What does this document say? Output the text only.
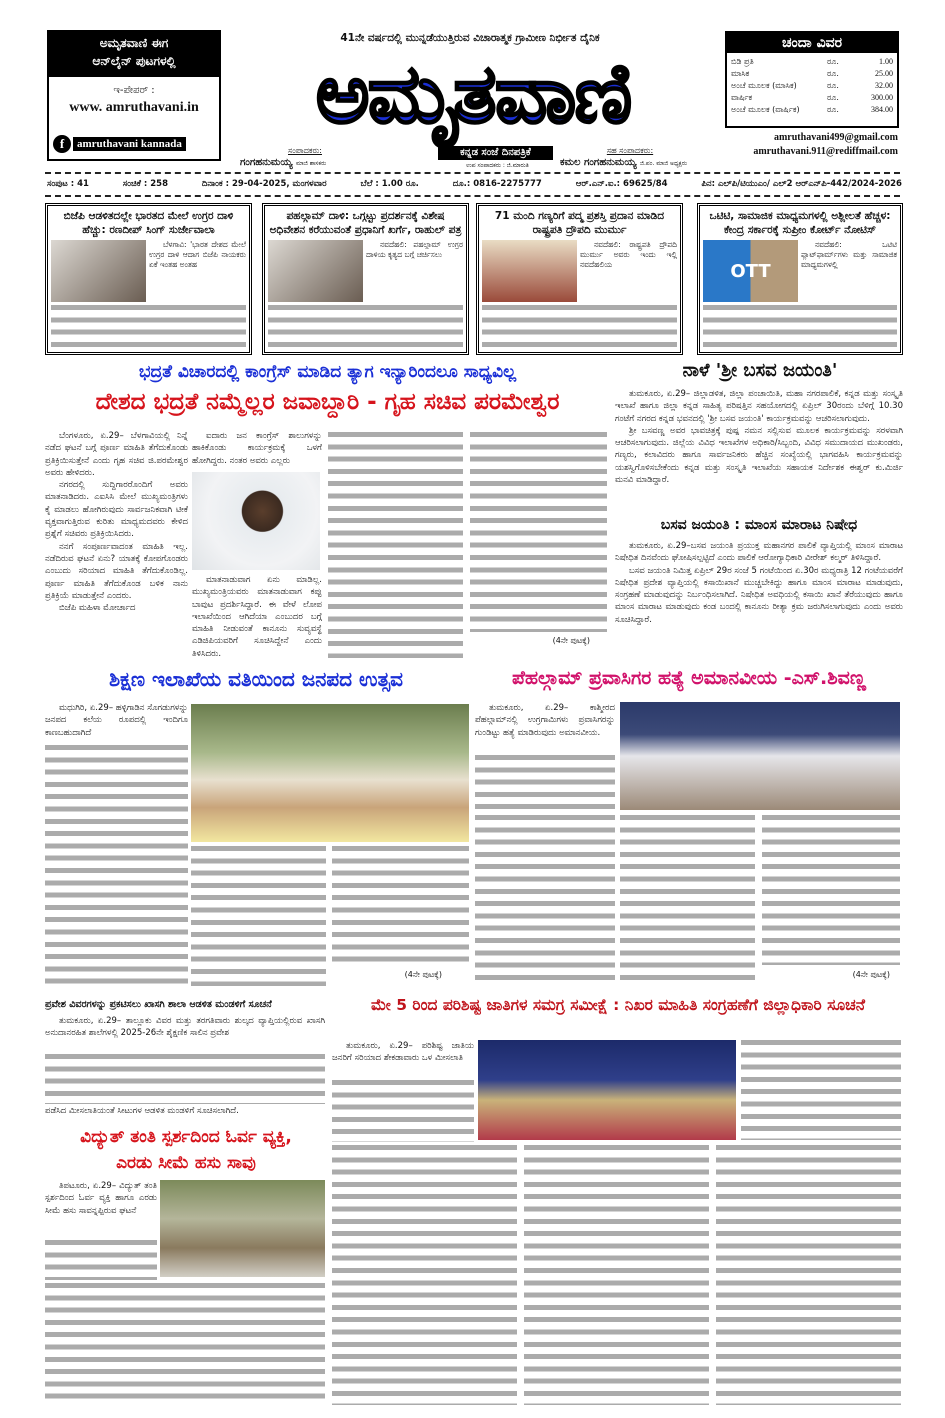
ಅಮೃತವಾಣಿ ಈಗ
ಆನ್‌ಲೈನ್ ಪುಟಗಳಲ್ಲಿ
ಇ-ಪೇಪರ್ :
www. amruthavani.in
f	amruthavani kannada
41ನೇ ವರ್ಷದಲ್ಲಿ ಮುನ್ನಡೆಯುತ್ತಿರುವ ವಿಚಾರಾತ್ಮಕ ಗ್ರಾಮೀಣ ನಿರ್ಭೀತ ದೈನಿಕ
ಅಮೃತವಾಣಿ
ಸಂಪಾದಕರು:
ಗಂಗಹನುಮಯ್ಯ ಮಾಜಿ ಶಾಸಕರು
ಕನ್ನಡ ಸಂಜೆ ದಿನಪತ್ರಿಕೆ
ಉಪ ಸಂಪಾದಕರು : ಜಿ.ಮಾರುತಿ
ಸಹ ಸಂಪಾದಕರು:
ಕಮಲ ಗಂಗಹನುಮಯ್ಯ ಜಿ.ಪಂ. ಮಾಜಿ ಅಧ್ಯಕ್ಷರು
ಚಂದಾ ವಿವರ
ಬಿಡಿ ಪ್ರತಿ	ರೂ.	1.00
ಮಾಸಿಕ	ರೂ.	25.00
ಅಂಚೆ ಮೂಲಕ (ಮಾಸಿಕ)	ರೂ.	32.00
ವಾರ್ಷಿಕ	ರೂ.	300.00
ಅಂಚೆ ಮೂಲಕ (ವಾರ್ಷಿಕ)	ರೂ.	384.00
amruthavani499@gmail.com
amruthavani.911@rediffmail.com
ಸಂಪುಟ : 41	ಸಂಚಿಕೆ : 258	ದಿನಾಂಕ : 29-04-2025, ಮಂಗಳವಾರ	ಬೆಲೆ : 1.00 ರೂ.	ದೂ.: 0816-2275777	ಆರ್.ಎನ್.ಐ.: 69625/84	ಪಿನ: ಎಲ್‌ಪಿ/ಟಿಯುಎಂ/ ಎಲ್‌2 ಆರ್‌ಎನ್‌ಪಿ-442/2024-2026
ಬಿಜೆಪಿ ಆಡಳಿತದಲ್ಲೇ ಭಾರತದ ಮೇಲೆ ಉಗ್ರರ ದಾಳಿ ಹೆಚ್ಚು: ರಣದೀಪ್ ಸಿಂಗ್ ಸುರ್ಜೇವಾಲಾ

ಬೆಳಗಾವಿ: 'ಭಾರತ ದೇಶದ ಮೇಲೆ ಉಗ್ರರ ದಾಳಿ ಆದಾಗ ಬಿಜೆಪಿ ನಾಯಕರು ಏಕೆ ಇಂತಹ ಅಂತಹ

ಪಹಲ್ಗಾಮ್ ದಾಳಿ: ಒಗ್ಗಟ್ಟು ಪ್ರದರ್ಶನಕ್ಕೆ ವಿಶೇಷ ಅಧಿವೇಶನ ಕರೆಯುವಂತೆ ಪ್ರಧಾನಿಗೆ ಖರ್ಗೆ, ರಾಹುಲ್ ಪತ್ರ

ನವದೆಹಲಿ: ಪಹಲ್ಗಾಮ್ ಉಗ್ರರ ದಾಳಿಯ ಕೃತ್ಯದ ಬಗ್ಗೆ ಚರ್ಚಿಸಲು

71 ಮಂದಿ ಗಣ್ಯರಿಗೆ ಪದ್ಮ ಪ್ರಶಸ್ತಿ ಪ್ರದಾನ ಮಾಡಿದ ರಾಷ್ಟ್ರಪತಿ ದ್ರೌಪದಿ ಮುರ್ಮು

ನವದೆಹಲಿ: ರಾಷ್ಟ್ರಪತಿ ದ್ರೌಪದಿ ಮುರ್ಮು ಅವರು ಇಂದು ಇಲ್ಲಿ ನವದೆಹಲಿಯ

ಒಟಿಟಿ, ಸಾಮಾಜಿಕ ಮಾಧ್ಯಮಗಳಲ್ಲಿ ಅಶ್ಲೀಲತೆ ಹೆಚ್ಚಳ: ಕೇಂದ್ರ ಸರ್ಕಾರಕ್ಕೆ ಸುಪ್ರೀಂ ಕೋರ್ಟ್ ನೋಟಿಸ್
OTT

ನವದೆಹಲಿ: ಒಟಿಟಿ ಪ್ಲಾಟ್‌ಫಾರ್ಮ್‌ಗಳು ಮತ್ತು ಸಾಮಾಜಿಕ ಮಾಧ್ಯಮಗಳಲ್ಲಿ

ಭದ್ರತೆ ವಿಚಾರದಲ್ಲಿ ಕಾಂಗ್ರೆಸ್ ಮಾಡಿದ ತ್ಯಾಗ ಇನ್ಯಾರಿಂದಲೂ ಸಾಧ್ಯವಿಲ್ಲ
ದೇಶದ ಭದ್ರತೆ ನಮ್ಮೆಲ್ಲರ ಜವಾಬ್ದಾರಿ - ಗೃಹ ಸಚಿವ ಪರಮೇಶ್ವರ

ಬೆಂಗಳೂರು, ಏ.29– ಬೆಳಗಾವಿಯಲ್ಲಿ ನಿನ್ನೆ ನಡೆದ ಘಟನೆ ಬಗ್ಗೆ ಪೂರ್ಣ ಮಾಹಿತಿ ತೆಗೆದುಕೊಂಡು ಪ್ರತಿಕ್ರಿಯಿಸುತ್ತೇನೆ ಎಂದು ಗೃಹ ಸಚಿವ ಜಿ.ಪರಮೇಶ್ವರ ಅವರು ಹೇಳಿದರು.

ನಗರದಲ್ಲಿ ಸುದ್ದಿಗಾರರೊಂದಿಗೆ ಅವರು ಮಾತನಾಡಿದರು. ಎಐಸಿಸಿ ಮೇಲೆ ಮುಖ್ಯಮಂತ್ರಿಗಳು ಕೈ ಮಾಡಲು ಹೋಗಿರುವುದು ಸಾರ್ವಜನಿಕವಾಗಿ ಟೀಕೆ ವ್ಯಕ್ತವಾಗುತ್ತಿರುವ ಕುರಿತು ಮಾಧ್ಯಮದವರು ಕೇಳಿದ ಪ್ರಶ್ನೆಗೆ ಸಚಿವರು ಪ್ರತಿಕ್ರಿಯಿಸಿದರು.

ನನಗೆ ಸಂಪೂರ್ಣವಾದಂತ ಮಾಹಿತಿ ಇಲ್ಲ. ನಡೆದಿರುವ ಘಟನೆ ಏನು? ಯಾತಕ್ಕೆ ಕೋಪಗೊಂಡರು ಎಂಬುದು ಸರಿಯಾದ ಮಾಹಿತಿ ತೆಗೆದುಕೊಂಡಿಲ್ಲ. ಪೂರ್ಣ ಮಾಹಿತಿ ತೆಗೆದುಕೊಂಡ ಬಳಿಕ ನಾನು ಪ್ರತಿಕ್ರಿಯೆ ಮಾಡುತ್ತೇನೆ ಎಂದರು.

ಬಿಜೆಪಿ ಮಹಿಳಾ ಮೋರ್ಚಾದ

ಐದಾರು ಜನ ಕಾಂಗ್ರೆಸ್ ಶಾಲುಗಳನ್ನು ಹಾಕಿಕೊಂಡು ಕಾರ್ಯಕ್ರಮಕ್ಕೆ ಒಳಗೆ ಹೋಗಿದ್ದರು. ನಂತರ ಅವರು ಎಲ್ಲರು

ಮಾತನಾಡುವಾಗ ಏನು ಮಾಡಿಲ್ಲ. ಮುಖ್ಯಮಂತ್ರಿಯವರು ಮಾತನಾಡುವಾಗ ಕಪ್ಪು ಬಾವುಟ ಪ್ರದರ್ಶಿಸಿದ್ದಾರೆ. ಈ ವೇಳೆ ಲೋಪ ಇಲಾಖೆಯಿಂದ ಆಗಿದೆಯಾ ಎಂಬುದರ ಬಗ್ಗೆ ಮಾಹಿತಿ ನೀಡುವಂತೆ ಕಾನೂನು ಸುವ್ಯವಸ್ಥೆ ಎಡಿಜಿಪಿಯವರಿಗೆ ಸೂಚಿಸಿದ್ದೇನೆ ಎಂದು ತಿಳಿಸಿದರು.

(4ನೇ ಪುಟಕ್ಕೆ)
ನಾಳೆ 'ಶ್ರೀ ಬಸವ ಜಯಂತಿ'

ತುಮಕೂರು, ಏ.29– ಜಿಲ್ಲಾಡಳಿತ, ಜಿಲ್ಲಾ ಪಂಚಾಯಿತಿ, ಮಹಾ ನಗರಪಾಲಿಕೆ, ಕನ್ನಡ ಮತ್ತು ಸಂಸ್ಕೃತಿ ಇಲಾಖೆ ಹಾಗೂ ಜಿಲ್ಲಾ ಕನ್ನಡ ಸಾಹಿತ್ಯ ಪರಿಷತ್ತಿನ ಸಹಯೋಗದಲ್ಲಿ ಏಪ್ರಿಲ್ 30ರಂದು ಬೆಳಿಗ್ಗೆ 10.30 ಗಂಟೆಗೆ ನಗರದ ಕನ್ನಡ ಭವನದಲ್ಲಿ 'ಶ್ರೀ ಬಸವ ಜಯಂತಿ' ಕಾರ್ಯಕ್ರಮವನ್ನು ಆಚರಿಸಲಾಗುವುದು.

ಶ್ರೀ ಬಸವಣ್ಣ ಅವರ ಭಾವಚಿತ್ರಕ್ಕೆ ಪುಷ್ಪ ನಮನ ಸಲ್ಲಿಸುವ ಮೂಲಕ ಕಾರ್ಯಕ್ರಮವನ್ನು ಸರಳವಾಗಿ ಆಚರಿಸಲಾಗುವುದು. ಜಿಲ್ಲೆಯ ವಿವಿಧ ಇಲಾಖೆಗಳ ಅಧಿಕಾರಿ/ಸಿಬ್ಬಂದಿ, ವಿವಿಧ ಸಮುದಾಯದ ಮುಖಂಡರು, ಗಣ್ಯರು, ಕಲಾವಿದರು ಹಾಗೂ ಸಾರ್ವಜನಿಕರು ಹೆಚ್ಚಿನ ಸಂಖ್ಯೆಯಲ್ಲಿ ಭಾಗವಹಿಸಿ ಕಾರ್ಯಕ್ರಮವನ್ನು ಯಶಸ್ವಿಗೊಳಿಸಬೇಕೆಂದು ಕನ್ನಡ ಮತ್ತು ಸಂಸ್ಕೃತಿ ಇಲಾಖೆಯ ಸಹಾಯಕ ನಿರ್ದೇಶಕ ಈಶ್ವರ್ ಕು.ಮಿರ್ಜಿ ಮನವಿ ಮಾಡಿದ್ದಾರೆ.

ಬಸವ ಜಯಂತಿ : ಮಾಂಸ ಮಾರಾಟ ನಿಷೇಧ

ತುಮಕೂರು, ಏ.29–ಬಸವ ಜಯಂತಿ ಪ್ರಯುಕ್ತ ಮಹಾನಗರ ಪಾಲಿಕೆ ವ್ಯಾಪ್ತಿಯಲ್ಲಿ ಮಾಂಸ ಮಾರಾಟ ನಿಷೇಧಿತ ದಿನವೆಂದು ಘೋಷಿಸಲ್ಪಟ್ಟಿದೆ ಎಂದು ಪಾಲಿಕೆ ಆರೋಗ್ಯಾಧಿಕಾರಿ ವೀರೇಶ್ ಕಲ್ಮಠ್ ತಿಳಿಸಿದ್ದಾರೆ.

ಬಸವ ಜಯಂತಿ ನಿಮಿತ್ತ ಏಪ್ರಿಲ್ 29ರ ಸಂಜೆ 5 ಗಂಟೆಯಿಂದ ಏ.30ರ ಮಧ್ಯರಾತ್ರಿ 12 ಗಂಟೆಯವರೆಗೆ ನಿಷೇಧಿತ ಪ್ರದೇಶ ವ್ಯಾಪ್ತಿಯಲ್ಲಿ ಕಸಾಯಿಖಾನೆ ಮುಚ್ಚಬೇಕಿದ್ದು ಹಾಗೂ ಮಾಂಸ ಮಾರಾಟ ಮಾಡುವುದು, ಸಂಗ್ರಹಣೆ ಮಾಡುವುದನ್ನು ನಿರ್ಬಂಧಿಸಲಾಗಿದೆ. ನಿಷೇಧಿತ ಅವಧಿಯಲ್ಲಿ ಕಸಾಯಿ ಖಾನೆ ತೆರೆಯುವುದು ಹಾಗೂ ಮಾಂಸ ಮಾರಾಟ ಮಾಡುವುದು ಕಂಡ ಬಂದಲ್ಲಿ ಕಾನೂನು ರೀತ್ಯಾ ಕ್ರಮ ಜರುಗಿಸಲಾಗುವುದು ಎಂದು ಅವರು ಸೂಚಿಸಿದ್ದಾರೆ.

ಶಿಕ್ಷಣ ಇಲಾಖೆಯ ವತಿಯಿಂದ ಜನಪದ ಉತ್ಸವ

ಮಧುಗಿರಿ, ಏ.29– ಹಳ್ಳಿಗಾಡಿನ ಸೊಗಡುಗಳನ್ನು ಜನಪದ ಕಲೆಯ ರೂಪದಲ್ಲಿ ಇಂದಿಗೂ ಕಾಣಬಹುದಾಗಿದೆ

(4ನೇ ಪುಟಕ್ಕೆ)
ಪೆಹಲ್ಗಾಮ್ ಪ್ರವಾಸಿಗರ ಹತ್ಯೆ ಅಮಾನವೀಯ -ಎಸ್.ಶಿವಣ್ಣ

ತುಮಕೂರು, ಏ.29– ಕಾಶ್ಮೀರದ ಪೆಹಲ್ಗಾಮ್‌ನಲ್ಲಿ ಉಗ್ರಗಾಮಿಗಳು ಪ್ರವಾಸಿಗರನ್ನು ಗುಂಡಿಟ್ಟು ಹತ್ಯೆ ಮಾಡಿರುವುದು ಅಮಾನವೀಯ.

(4ನೇ ಪುಟಕ್ಕೆ)
ಪ್ರವೇಶ ವಿವರಗಳನ್ನು ಪ್ರಕಟಿಸಲು ಖಾಸಗಿ ಶಾಲಾ ಆಡಳಿತ ಮಂಡಳಿಗೆ ಸೂಚನೆ

ತುಮಕೂರು, ಏ.29– ತಾಲ್ಲೂಕು ವಿವರ ಮತ್ತು ತರಗತಿವಾರು ಶುಲ್ಕದ ವ್ಯಾಪ್ತಿಯಲ್ಲಿರುವ ಖಾಸಗಿ ಅನುದಾನರಹಿತ ಶಾಲೆಗಳಲ್ಲಿ 2025-26ನೇ ಶೈಕ್ಷಣಿಕ ಸಾಲಿನ ಪ್ರವೇಶ

ಪಡೆಸಿದ ಮೀಸಲಾತಿಯಂತೆ ಸೀಟುಗಳ ಆಡಳಿತ ಮಂಡಳಿಗೆ ಸೂಚಿಸಲಾಗಿದೆ.
ವಿದ್ಯುತ್ ತಂತಿ ಸ್ಪರ್ಶದಿಂದ ಓರ್ವ ವ್ಯಕ್ತಿ,
ಎರಡು ಸೀಮೆ ಹಸು ಸಾವು

ತಿಪಟೂರು, ಏ.29– ವಿದ್ಯುತ್ ತಂತಿ ಸ್ಪರ್ಶದಿಂದ ಓರ್ವ ವ್ಯಕ್ತಿ ಹಾಗೂ ಎರಡು ಸೀಮೆ ಹಸು ಸಾವನ್ನಪ್ಪಿರುವ ಘಟನೆ

ಮೇ 5 ರಿಂದ ಪರಿಶಿಷ್ಟ ಜಾತಿಗಳ ಸಮಗ್ರ ಸಮೀಕ್ಷೆ : ನಿಖರ ಮಾಹಿತಿ ಸಂಗ್ರಹಣೆಗೆ ಜಿಲ್ಲಾಧಿಕಾರಿ ಸೂಚನೆ

ತುಮಕೂರು, ಏ.29– ಪರಿಶಿಷ್ಟ ಜಾತಿಯ ಜನರಿಗೆ ಸರಿಯಾದ ಶೇಕಡಾವಾರು ಒಳ ಮೀಸಲಾತಿ
